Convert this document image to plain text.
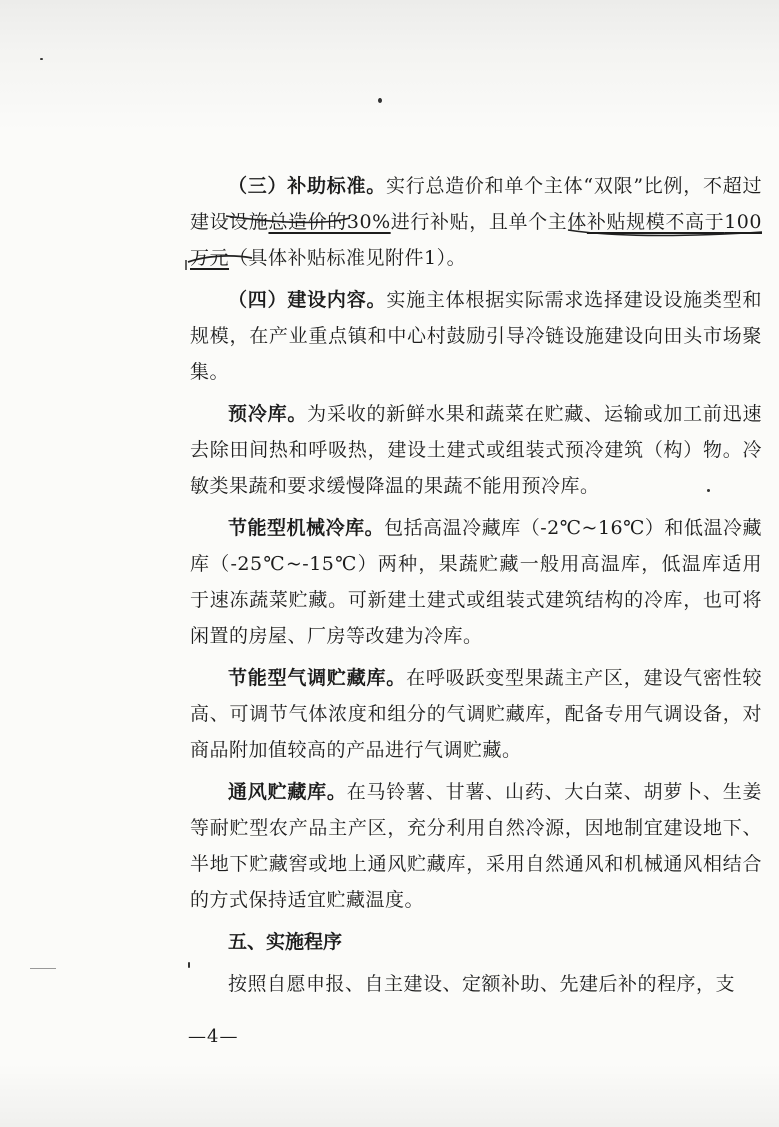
（三）补助标准。实行总造价和单个主体“双限”比例，不超过建设设施总造价的30%进行补贴，且单个主体补贴规模不高于100万元（具体补贴标准见附件1）。

（四）建设内容。实施主体根据实际需求选择建设设施类型和规模，在产业重点镇和中心村鼓励引导冷链设施建设向田头市场聚集。

预冷库。为采收的新鲜水果和蔬菜在贮藏、运输或加工前迅速去除田间热和呼吸热，建设土建式或组装式预冷建筑（构）物。冷敏类果蔬和要求缓慢降温的果蔬不能用预冷库。

节能型机械冷库。包括高温冷藏库（-2℃~16℃）和低温冷藏库（-25℃~-15℃）两种，果蔬贮藏一般用高温库，低温库适用于速冻蔬菜贮藏。可新建土建式或组装式建筑结构的冷库，也可将闲置的房屋、厂房等改建为冷库。

节能型气调贮藏库。在呼吸跃变型果蔬主产区，建设气密性较高、可调节气体浓度和组分的气调贮藏库，配备专用气调设备，对商品附加值较高的产品进行气调贮藏。

通风贮藏库。在马铃薯、甘薯、山药、大白菜、胡萝卜、生姜等耐贮型农产品主产区，充分利用自然冷源，因地制宜建设地下、半地下贮藏窖或地上通风贮藏库，采用自然通风和机械通风相结合的方式保持适宜贮藏温度。

五、实施程序

按照自愿申报、自主建设、定额补助、先建后补的程序，支

—4—
